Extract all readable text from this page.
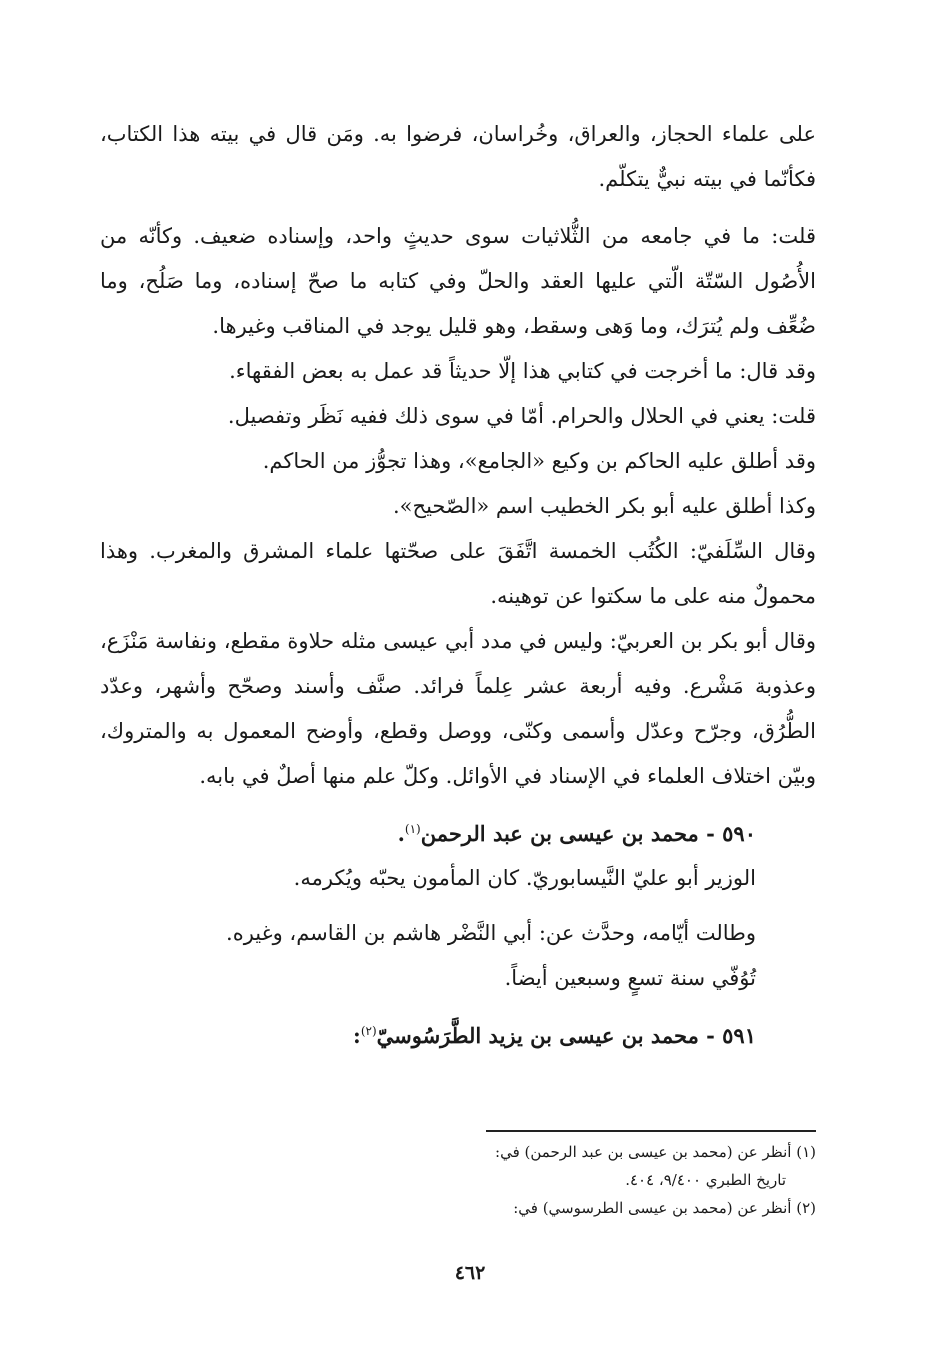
على علماء الحجاز، والعراق، وخُراسان، فرضوا به. ومَن قال في بيته هذا الكتاب، فكأنّما في بيته نبيٌّ يتكلّم.

قلت: ما في جامعه من الثُّلاثيات سوى حديثٍ واحد، وإسناده ضعيف. وكأنّه من الأُصُول السّتّة الّتي عليها العقد والحلّ وفي كتابه ما صحّ إسناده، وما صَلُح، وما ضُعِّف ولم يُترَك، وما وَهى وسقط، وهو قليل يوجد في المناقب وغيرها.

وقد قال: ما أخرجت في كتابي هذا إلّا حديثاً قد عمل به بعض الفقهاء.

قلت: يعني في الحلال والحرام. أمّا في سوى ذلك ففيه نَظَر وتفصيل.

وقد أطلق عليه الحاكم بن وكيع «الجامع»، وهذا تجوُّز من الحاكم.

وكذا أطلق عليه أبو بكر الخطيب اسم «الصّحيح».

وقال السِّلَفيّ: الكُتُب الخمسة اتَّفَقَ على صحّتها علماء المشرق والمغرب. وهذا محمولٌ منه على ما سكتوا عن توهينه.

وقال أبو بكر بن العربيّ: وليس في مدد أبي عيسى مثله حلاوة مقطع، ونفاسة مَنْزَع، وعذوبة مَشْرع. وفيه أربعة عشر عِلماً فرائد. صنَّف وأسند وصحّح وأشهر، وعدّد الطُّرُق، وجرّح وعدّل وأسمى وكنّى، ووصل وقطع، وأوضح المعمول به والمتروك، وبيّن اختلاف العلماء في الإسناد في الأوائل. وكلّ علم منها أصلٌ في بابه.

٥٩٠ - محمد بن عيسى بن عبد الرحمن$^{(١)}$.

الوزير أبو عليّ النَّيسابوريّ. كان المأمون يحبّه ويُكرمه.

وطالت أيّامه، وحدَّث عن: أبي النَّضْر هاشم بن القاسم، وغيره.

تُوُفّي سنة تسعٍ وسبعين أيضاً.

٥٩١ - محمد بن عيسى بن يزيد الطَّرَسُوسيّ$^{(٢)}$:

(١) أنظر عن (محمد بن عيسى بن عبد الرحمن) في:

تاريخ الطبري ٩/٤٠٠، ٤٠٤.

(٢) أنظر عن (محمد بن عيسى الطرسوسي) في:

٤٦٢
